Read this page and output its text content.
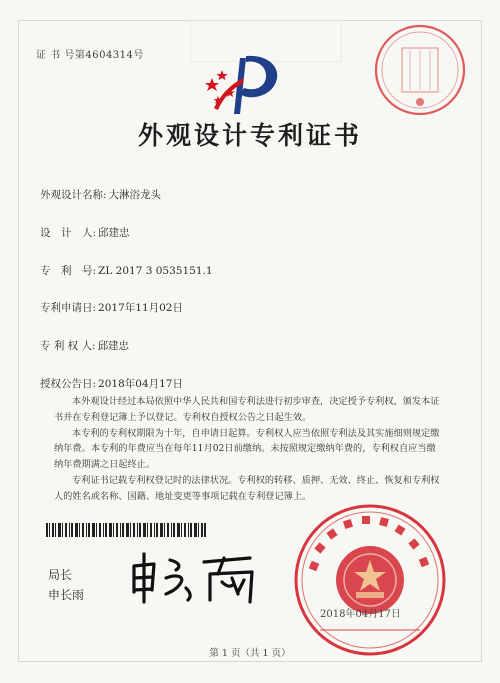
证 书 号第4604314号
外观设计专利证书
外观设计名称: 大淋浴龙头
设　计　人: 邱建忠
专　利　号: ZL 2017 3 0535151.1
专利申请日: 2017年11月02日
专 利 权 人: 邱建忠
授权公告日: 2018年04月17日

本外观设计经过本局依照中华人民共和国专利法进行初步审查，决定授予专利权，颁发本证书并在专利登记簿上予以登记。专利权自授权公告之日起生效。

本专利的专利权期限为十年，自申请日起算。专利权人应当依照专利法及其实施细则规定缴纳年费。本专利的年费应当在每年11月02日前缴纳。未按照规定缴纳年费的，专利权自应当缴纳年费期满之日起终止。

专利证书记载专利权登记时的法律状况。专利权的转移、质押、无效、终止、恢复和专利权人的姓名或名称、国籍、地址变更等事项记载在专利登记簿上。

局长
申长雨
2018年04月17日
第 1 页（共 1 页）
